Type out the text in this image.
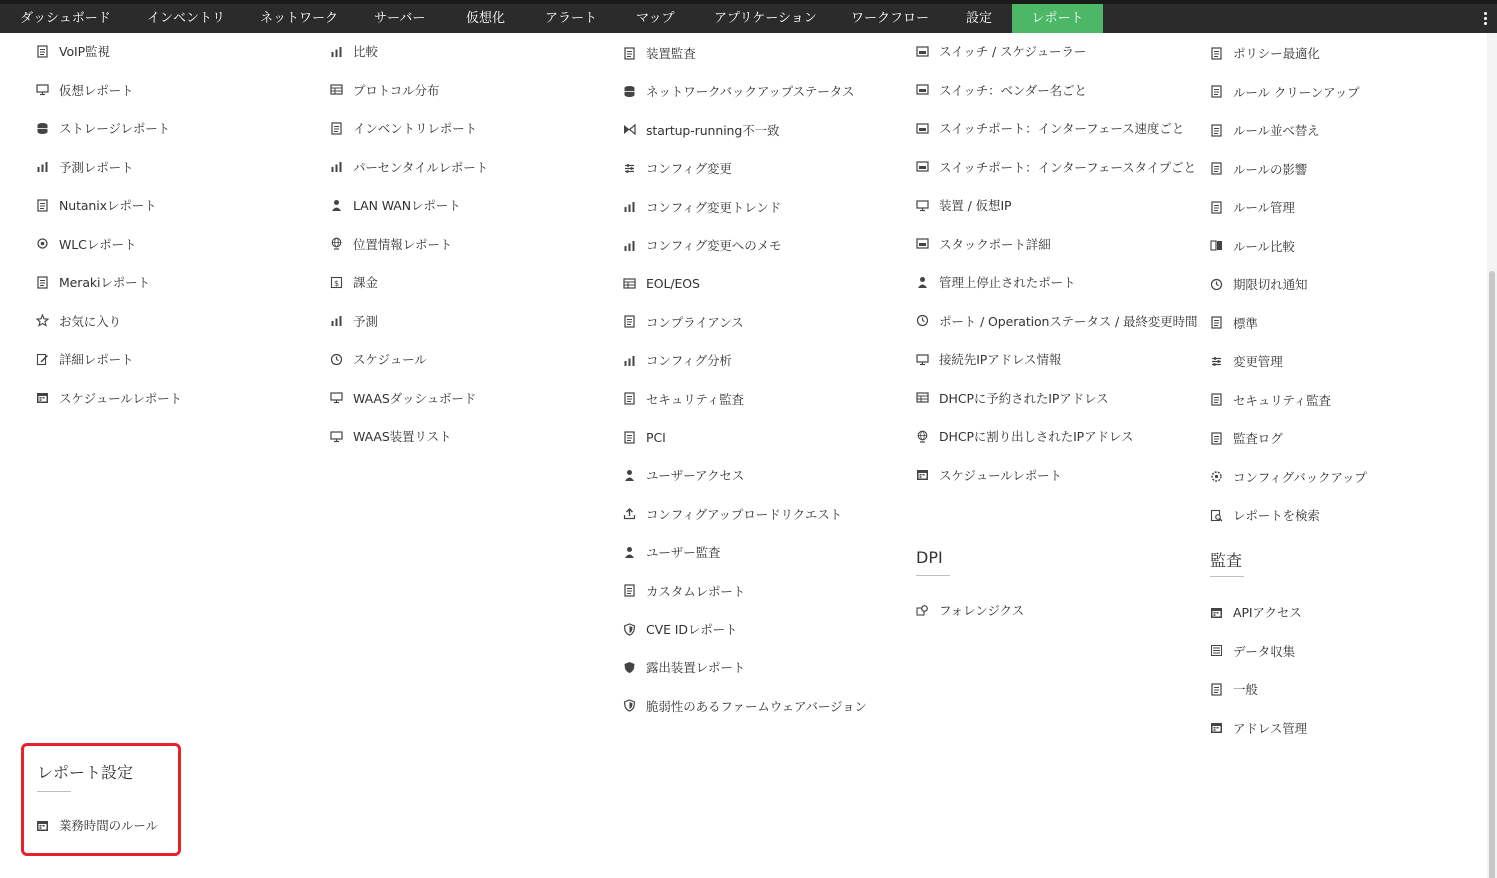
ダッシュボード	インベントリ	ネットワーク	サーバー	仮想化	アラート	マップ	アプリケーション	ワークフロー	設定	レポート
VoIP監視
仮想レポート
ストレージレポート
予測レポート
Nutanixレポート
WLCレポート
Merakiレポート
お気に入り
詳細レポート
スケジュールレポート
比較
プロトコル分布
インベントリレポート
パーセンタイルレポート
LAN WANレポート
位置情報レポート
課金
予測
スケジュール
WAASダッシュボード
WAAS装置リスト
装置監査
ネットワークバックアップステータス
startup-running不一致
コンフィグ変更
コンフィグ変更トレンド
コンフィグ変更へのメモ
EOL/EOS
コンプライアンス
コンフィグ分析
セキュリティ監査
PCI
ユーザーアクセス
コンフィグアップロードリクエスト
ユーザー監査
カスタムレポート
CVE IDレポート
露出装置レポート
脆弱性のあるファームウェアバージョン
スイッチ / スケジューラー
スイッチ：ベンダー名ごと
スイッチポート：インターフェース速度ごと
スイッチポート：インターフェースタイプごと
装置 / 仮想IP
スタックポート詳細
管理上停止されたポート
ポート / Operationステータス / 最終変更時間
接続先IPアドレス情報
DHCPに予約されたIPアドレス
DHCPに割り出しされたIPアドレス
スケジュールレポート
ポリシー最適化
ルール クリーンアップ
ルール並べ替え
ルールの影響
ルール管理
ルール比較
期限切れ通知
標準
変更管理
セキュリティ監査
監査ログ
コンフィグバックアップ
レポートを検索
フォレンジクス	APIアクセス
データ収集
一般
アドレス管理
業務時間のルール
DPI	監査
レポート設定
